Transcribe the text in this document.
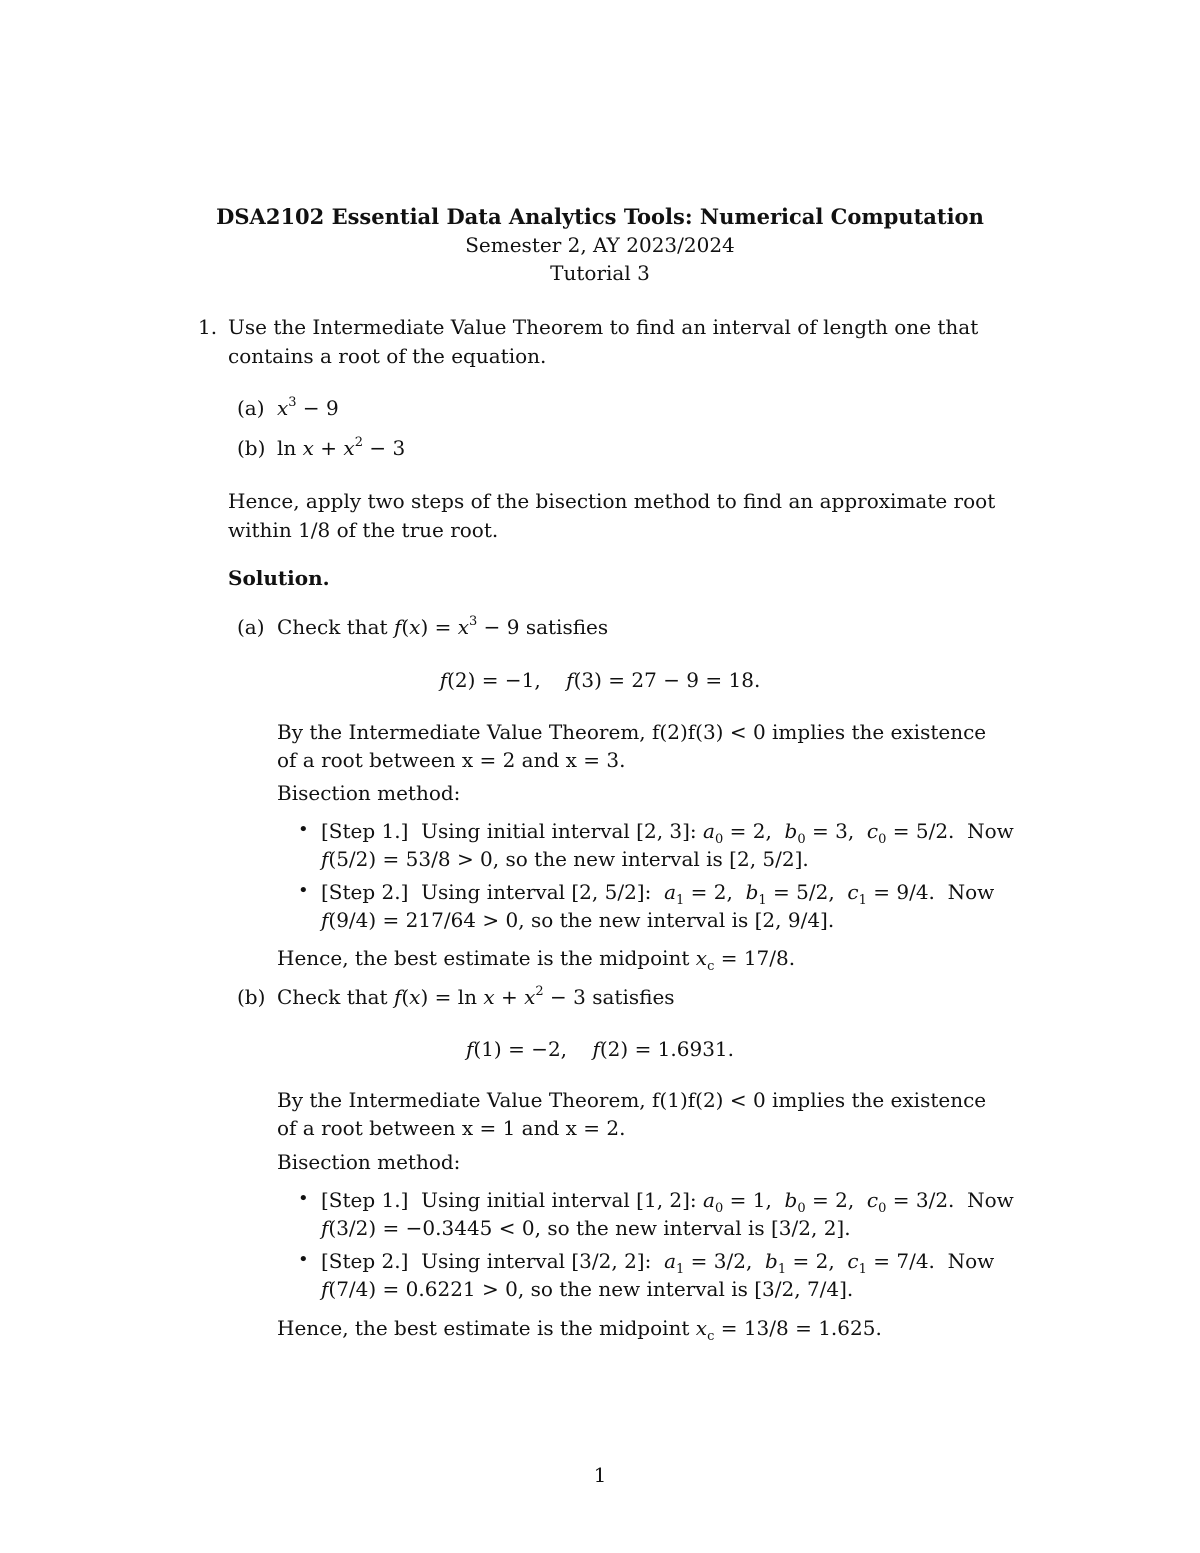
DSA2102 Essential Data Analytics Tools: Numerical Computation
Semester 2, AY 2023/2024
Tutorial 3
1. Use the Intermediate Value Theorem to find an interval of length one that
contains a root of the equation.
(a) $x^3 - 9$
(b) $\ln x + x^2 - 3$
Hence, apply two steps of the bisection method to find an approximate root
within 1/8 of the true root.
Solution.
(a) Check that $f(x) = x^3 - 9$ satisfies
f(2) = −1,    f(3) = 27 − 9 = 18.
By the Intermediate Value Theorem, f(2)f(3) < 0 implies the existence
of a root between x = 2 and x = 3.
Bisection method:
• [Step 1.]  Using initial interval [2, 3]: $a_0 = 2$,  $b_0 = 3$,  $c_0 = 5/2$.  Now
f(5/2) = 53/8 > 0, so the new interval is [2, 5/2].
• [Step 2.]  Using interval [2, 5/2]:  $a_1 = 2$,  $b_1 = 5/2$,  $c_1 = 9/4$.  Now
f(9/4) = 217/64 > 0, so the new interval is [2, 9/4].
Hence, the best estimate is the midpoint $x_c = 17/8$.
(b) Check that $f(x) = \ln x + x^2 - 3$ satisfies
f(1) = −2,    f(2) = 1.6931.
By the Intermediate Value Theorem, f(1)f(2) < 0 implies the existence
of a root between x = 1 and x = 2.
Bisection method:
• [Step 1.]  Using initial interval [1, 2]: $a_0 = 1$,  $b_0 = 2$,  $c_0 = 3/2$.  Now
f(3/2) = −0.3445 < 0, so the new interval is [3/2, 2].
• [Step 2.]  Using interval [3/2, 2]:  $a_1 = 3/2$,  $b_1 = 2$,  $c_1 = 7/4$.  Now
f(7/4) = 0.6221 > 0, so the new interval is [3/2, 7/4].
Hence, the best estimate is the midpoint $x_c = 13/8 = 1.625$.
1
